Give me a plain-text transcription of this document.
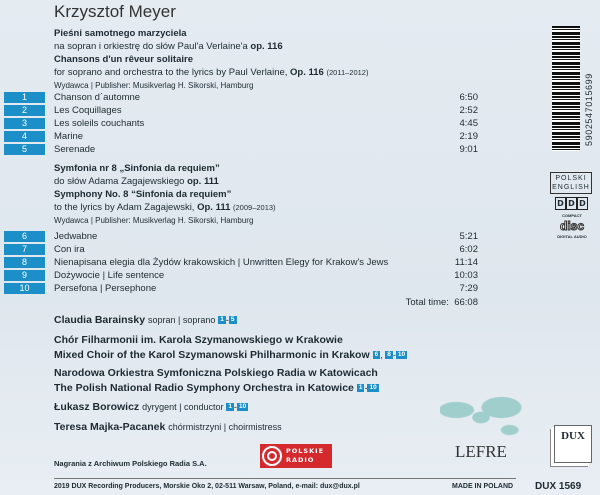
Krzysztof Meyer
Pieśni samotnego marzyciela
na sopran i orkiestrę do słów Paul'a Verlaine'a op. 116
Chansons d'un rêveur solitaire
for soprano and orchestra to the lyrics by Paul Verlaine, Op. 116 (2011–2012)
Wydawca | Publisher: Musikverlag H. Sikorski, Hamburg
1	Chanson d´automne	6:50
2	Les Coquillages	2:52
3	Les soleils couchants	4:45
4	Marine	2:19
5	Serenade	9:01
Symfonia nr 8 „Sinfonia da requiem”
do słów Adama Zagajewskiego op. 111
Symphony No. 8 “Sinfonia da requiem”
to the lyrics by Adam Zagajewski, Op. 111 (2009–2013)
Wydawca | Publisher: Musikverlag H. Sikorski, Hamburg
6	Jedwabne	5:21
7	Con ira	6:02
8	Nienapisana elegia dla Żydów krakowskich | Unwritten Elegy for Krakow's Jews	11:14
9	Dożywocie | Life sentence	10:03
10	Persefona | Persephone	7:29
Total time: 66:08
Claudia Barainsky sopran | soprano 1 - 5
Chór Filharmonii im. Karola Szymanowskiego w Krakowie
Mixed Choir of the Karol Szymanowski Philharmonic in Krakow 6 , 8 - 10
Narodowa Orkiestra Symfoniczna Polskiego Radia w Katowicach
The Polish National Radio Symphony Orchestra in Katowice 1 - 10
Łukasz Borowicz dyrygent | conductor 1 - 10
Teresa Majka-Pacanek chórmistrzyni | choirmistress
Nagrania z Archiwum Polskiego Radia S.A.
POLSKIE RADIO	LEFRE
DUX
2019 DUX Recording Producers, Morskie Oko 2, 02-511 Warsaw, Poland, e-mail: dux@dux.pl	MADE IN POLAND DUX 1569
5902547015699
POLSKI
ENGLISH
D D D
COMPACT
disc
DIGITAL AUDIO
